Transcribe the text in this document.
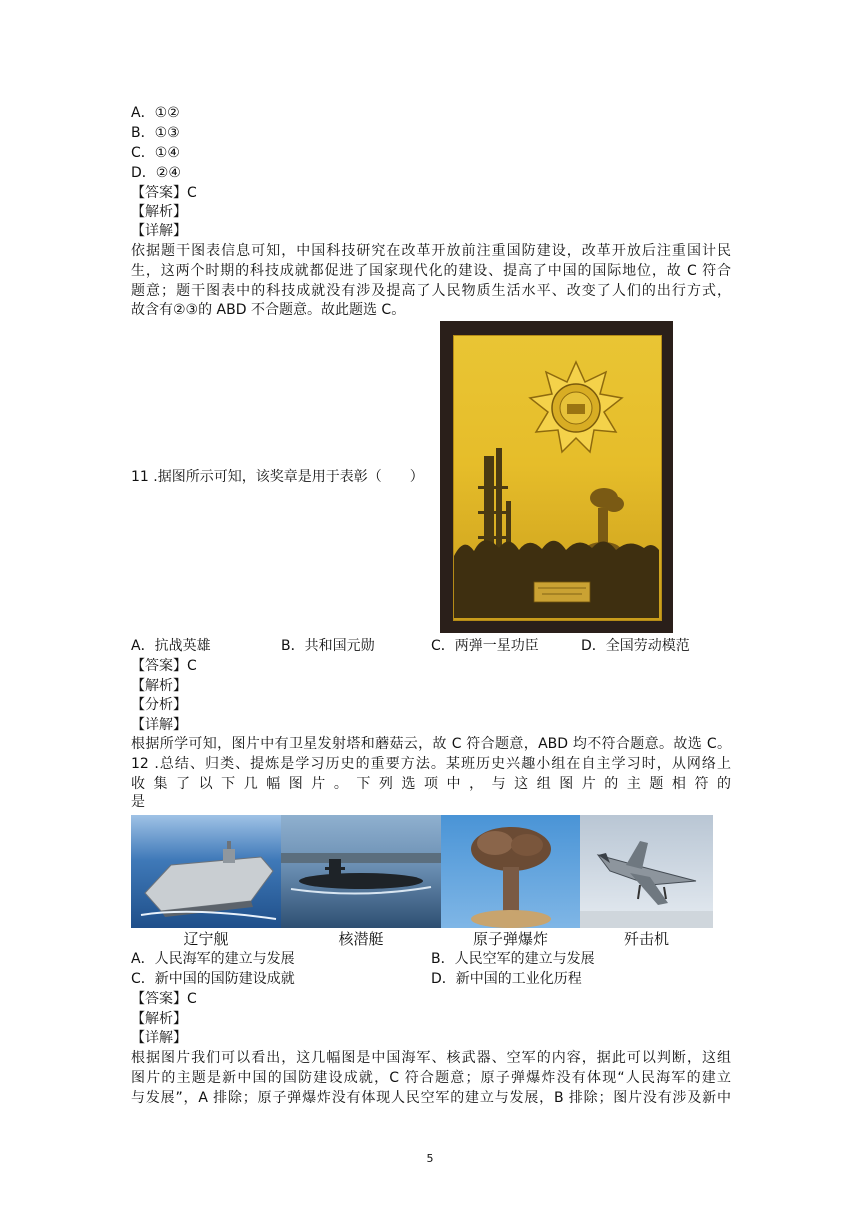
A．①②
B．①③
C．①④
D．②④
【答案】C
【解析】
【详解】
依据题干图表信息可知，中国科技研究在改革开放前注重国防建设，改革开放后注重国计民
生，这两个时期的科技成就都促进了国家现代化的建设、提高了中国的国际地位，故 C 符合
题意；题干图表中的科技成就没有涉及提高了人民物质生活水平、改变了人们的出行方式，
故含有②③的 ABD 不合题意。故此题选 C。
11 .据图所示可知，该奖章是用于表彰（　　）
A．抗战英雄	B．共和国元勋	C．两弹一星功臣	D．全国劳动模范
【答案】C
【解析】
【分析】
【详解】
根据所学可知，图片中有卫星发射塔和蘑菇云，故 C 符合题意，ABD 均不符合题意。故选 C。
12 .总结、归类、提炼是学习历史的重要方法。某班历史兴趣小组在自主学习时，从网络上
收集了以下几幅图片。下列选项中，与这组图片的主题相符的
是
辽宁舰	核潜艇	原子弹爆炸	歼击机
A．人民海军的建立与发展	B．人民空军的建立与发展
C．新中国的国防建设成就	D．新中国的工业化历程
【答案】C
【解析】
【详解】
根据图片我们可以看出，这几幅图是中国海军、核武器、空军的内容，据此可以判断，这组
图片的主题是新中国的国防建设成就，C 符合题意；原子弹爆炸没有体现“人民海军的建立
与发展”，A 排除；原子弹爆炸没有体现人民空军的建立与发展，B 排除；图片没有涉及新中
5
